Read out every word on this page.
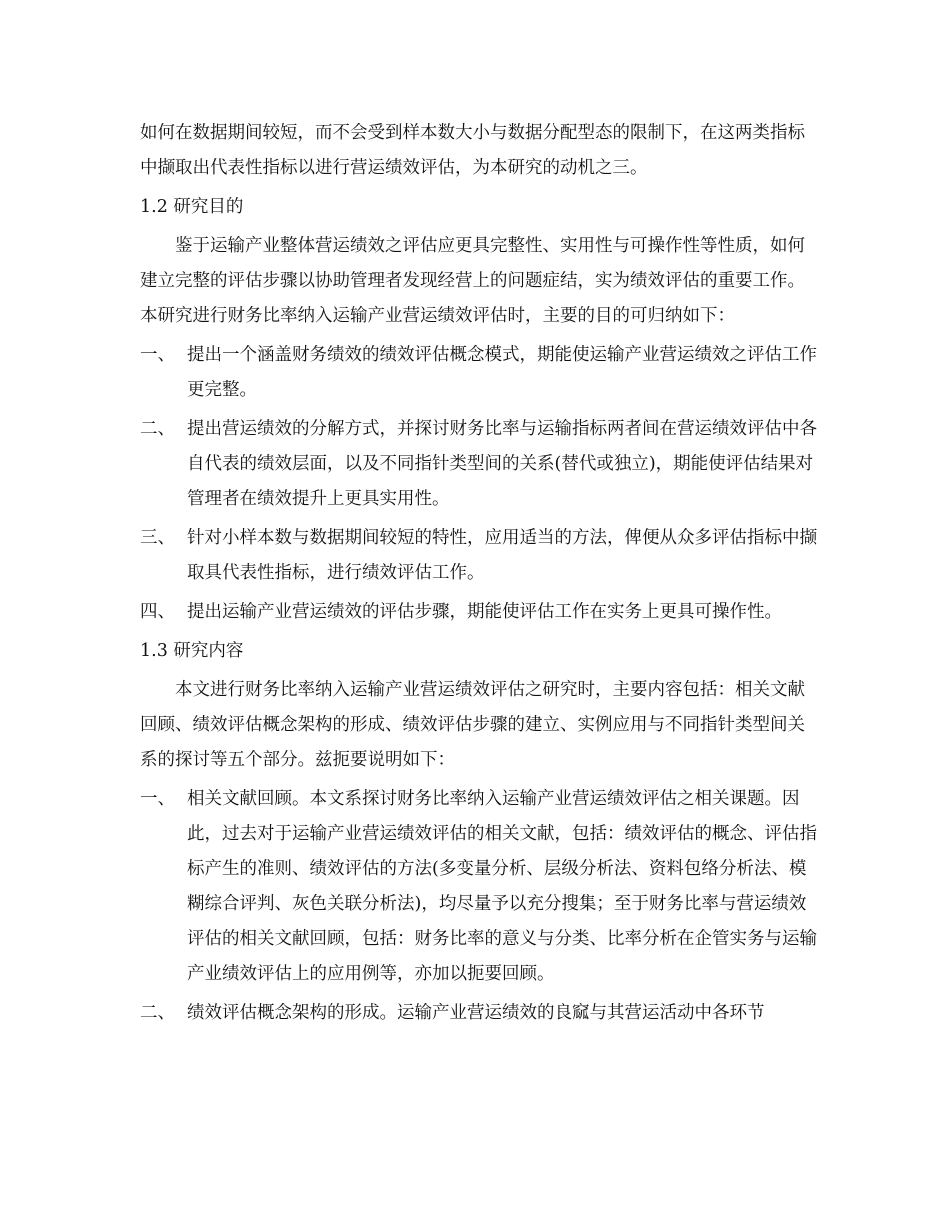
如何在数据期间较短，而不会受到样本数大小与数据分配型态的限制下，在这两类指标中撷取出代表性指标以进行营运绩效评估，为本研究的动机之三。

1.2 研究目的

鉴于运输产业整体营运绩效之评估应更具完整性、实用性与可操作性等性质，如何建立完整的评估步骤以协助管理者发现经营上的问题症结，实为绩效评估的重要工作。本研究进行财务比率纳入运输产业营运绩效评估时，主要的目的可归纳如下：

一、 提出一个涵盖财务绩效的绩效评估概念模式，期能使运输产业营运绩效之评估工作更完整。
二、 提出营运绩效的分解方式，并探讨财务比率与运输指标两者间在营运绩效评估中各自代表的绩效层面，以及不同指针类型间的关系(替代或独立)，期能使评估结果对管理者在绩效提升上更具实用性。
三、 针对小样本数与数据期间较短的特性，应用适当的方法，俾便从众多评估指标中撷取具代表性指标，进行绩效评估工作。
四、 提出运输产业营运绩效的评估步骤，期能使评估工作在实务上更具可操作性。
1.3 研究内容

本文进行财务比率纳入运输产业营运绩效评估之研究时，主要内容包括：相关文献回顾、绩效评估概念架构的形成、绩效评估步骤的建立、实例应用与不同指针类型间关系的探讨等五个部分。兹扼要说明如下：

一、 相关文献回顾。本文系探讨财务比率纳入运输产业营运绩效评估之相关课题。因此，过去对于运输产业营运绩效评估的相关文献，包括：绩效评估的概念、评估指标产生的准则、绩效评估的方法(多变量分析、层级分析法、资料包络分析法、模糊综合评判、灰色关联分析法)，均尽量予以充分搜集；至于财务比率与营运绩效评估的相关文献回顾，包括：财务比率的意义与分类、比率分析在企管实务与运输产业绩效评估上的应用例等，亦加以扼要回顾。
二、 绩效评估概念架构的形成。运输产业营运绩效的良窳与其营运活动中各环节
